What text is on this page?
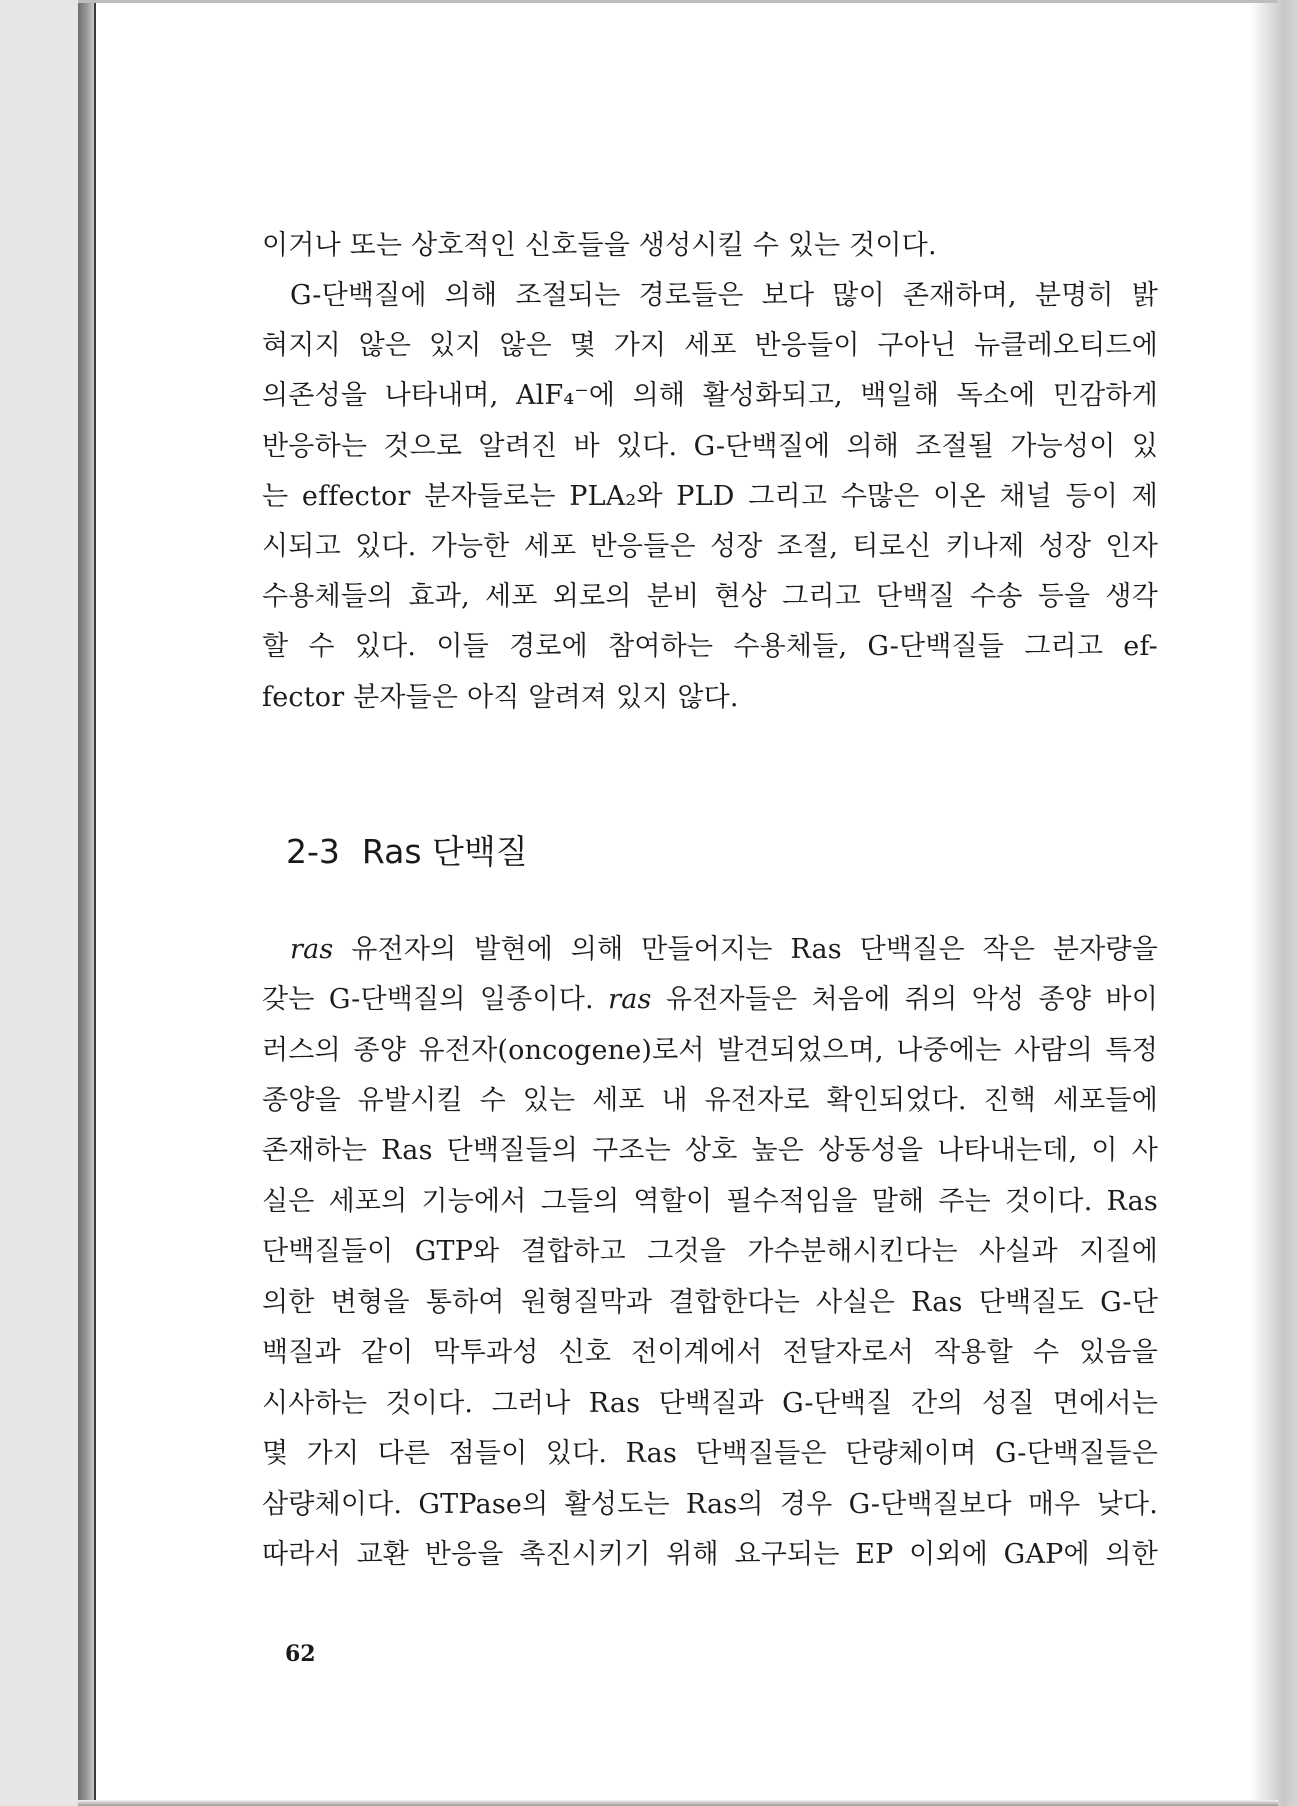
이거나 또는 상호적인 신호들을 생성시킬 수 있는 것이다.
G-단백질에 의해 조절되는 경로들은 보다 많이 존재하며, 분명히 밝
혀지지 않은 있지 않은 몇 가지 세포 반응들이 구아닌 뉴클레오티드에
의존성을 나타내며, AlF₄⁻에 의해 활성화되고, 백일해 독소에 민감하게
반응하는 것으로 알려진 바 있다. G-단백질에 의해 조절될 가능성이 있
는 effector 분자들로는 PLA₂와 PLD 그리고 수많은 이온 채널 등이 제
시되고 있다. 가능한 세포 반응들은 성장 조절, 티로신 키나제 성장 인자
수용체들의 효과, 세포 외로의 분비 현상 그리고 단백질 수송 등을 생각
할 수 있다. 이들 경로에 참여하는 수용체들, G-단백질들 그리고 ef-
fector 분자들은 아직 알려져 있지 않다.
2-3 Ras 단백질
ras 유전자의 발현에 의해 만들어지는 Ras 단백질은 작은 분자량을
갖는 G-단백질의 일종이다. ras 유전자들은 처음에 쥐의 악성 종양 바이
러스의 종양 유전자(oncogene)로서 발견되었으며, 나중에는 사람의 특정
종양을 유발시킬 수 있는 세포 내 유전자로 확인되었다. 진핵 세포들에
존재하는 Ras 단백질들의 구조는 상호 높은 상동성을 나타내는데, 이 사
실은 세포의 기능에서 그들의 역할이 필수적임을 말해 주는 것이다. Ras
단백질들이 GTP와 결합하고 그것을 가수분해시킨다는 사실과 지질에
의한 변형을 통하여 원형질막과 결합한다는 사실은 Ras 단백질도 G-단
백질과 같이 막투과성 신호 전이계에서 전달자로서 작용할 수 있음을
시사하는 것이다. 그러나 Ras 단백질과 G-단백질 간의 성질 면에서는
몇 가지 다른 점들이 있다. Ras 단백질들은 단량체이며 G-단백질들은
삼량체이다. GTPase의 활성도는 Ras의 경우 G-단백질보다 매우 낮다.
따라서 교환 반응을 촉진시키기 위해 요구되는 EP 이외에 GAP에 의한
62
